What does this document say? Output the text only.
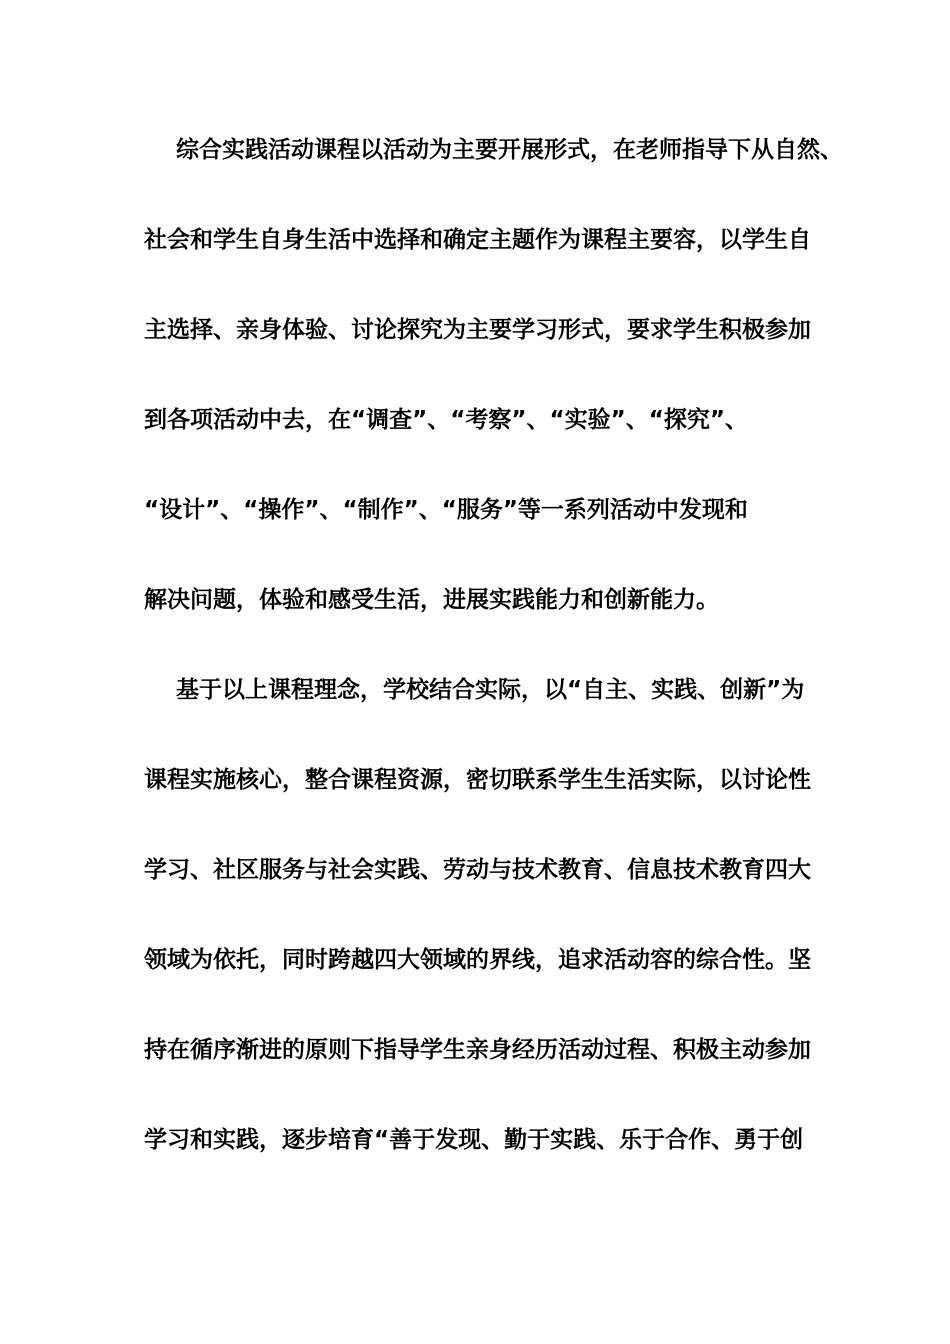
综合实践活动课程以活动为主要开展形式，在老师指导下从自然、
社会和学生自身生活中选择和确定主题作为课程主要容，以学生自
主选择、亲身体验、讨论探究为主要学习形式，要求学生积极参加
到各项活动中去，在“调查”、“考察”、“实验”、“探究”、
“设计”、“操作”、“制作”、“服务”等一系列活动中发现和
解决问题，体验和感受生活，进展实践能力和创新能力。
基于以上课程理念，学校结合实际，以“自主、实践、创新”为
课程实施核心，整合课程资源，密切联系学生生活实际，以讨论性
学习、社区服务与社会实践、劳动与技术教育、信息技术教育四大
领域为依托，同时跨越四大领域的界线，追求活动容的综合性。坚
持在循序渐进的原则下指导学生亲身经历活动过程、积极主动参加
学习和实践，逐步培育“善于发现、勤于实践、乐于合作、勇于创
